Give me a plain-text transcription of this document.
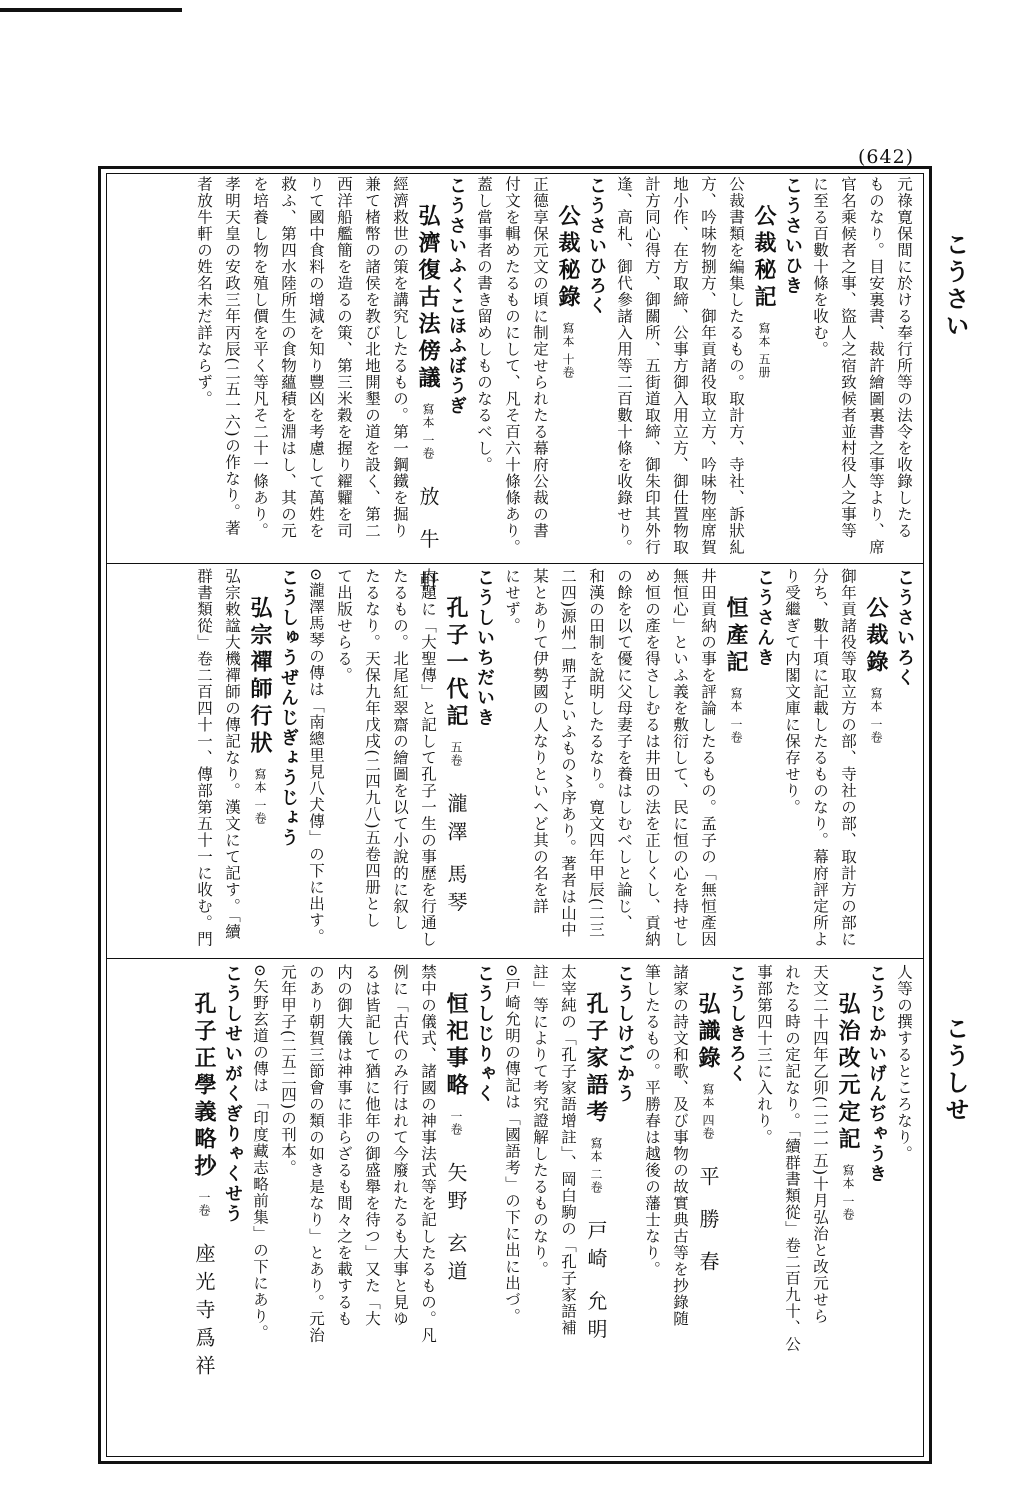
(642)
こうさい
こうしせ
元祿寛保間に於ける奉行所等の法令を收錄したる
ものなり。目安裏書、裁許繪圖裏書之事等より、席
官名乘候者之事、盜人之宿致候者並村役人之事等
に至る百數十條を收む。
こうさいひき
公裁秘記寫本 五册
公裁書類を編集したるもの。取計方、寺社、訴狀糺
方、吟味物捌方、御年貢諸役取立方、吟味物座席賀
地小作、在方取締、公事方御入用立方、御仕置物取
計方同心得方、御關所、五街道取締、御朱印其外行
逢、高札、御代參諸入用等二百數十條を收錄せり。
こうさいひろく
公裁秘錄寫本 十卷
正德享保元文の頃に制定せられたる幕府公裁の書
付文を輯めたるものにして、凡そ百六十條條あり。
蓋し當事者の書き留めしものなるべし。
こうさいふくこほふぼうぎ
弘濟復古法傍議寫本 一卷放 牛 軒
經濟救世の策を講究したるもの。第一鋼鐵を掘り
兼て楮幣の諸侯を教び北地開墾の道を設く、第二
西洋船艦簡を造るの策、第三米穀を握り糴糶を司
りて國中食料の增減を知り豐凶を考慮して萬姓を
救ふ、第四水陸所生の食物蘊積を淵はし、其の元
を培養し物を殖し價を平く等凡そ二十一條あり。
孝明天皇の安政三年丙辰(二五一六)の作なり。著
者放牛軒の姓名未だ詳ならず。
こうさいろく
公裁錄寫本 一卷
御年貢諸役等取立方の部、寺社の部、取計方の部に
分ち、數十項に記載したるものなり。幕府評定所よ
り受繼ぎて内閣文庫に保存せり。
こうさんき
恒產記寫本 一卷
井田貢納の事を評論したるもの。孟子の「無恒產因
無恒心」といふ義を敷衍して、民に恒の心を持せし
め恒の產を得さしむるは井田の法を正しくし、貢納
の餘を以て優に父母妻子を養はしむべしと論じ、
和漢の田制を說明したるなり。寛文四年甲辰(二三
二四)源州一鼎子といふもの〻序あり。著者は山中
某とありて伊勢國の人なりといへど其の名を詳
にせず。
こうしいちだいき
孔子一代記五卷瀧澤 馬琴
内題に「大聖傳」と記して孔子一生の事歷を行通し
たるもの。北尾紅翠齋の繪圖を以て小說的に叙し
たるなり。天保九年戊戌(二四九八)五卷四册とし
て出版せらる。
⊙瀧澤馬琴の傳は「南總里見八犬傳」の下に出す。
こうしゅうぜんじぎょうじょう
弘宗禪師行狀寫本 一卷
弘宗敕諡大機禪師の傳記なり。漢文にて記す。「續
群書類從」卷二百四十一、傳部第五十一に收む。門
人等の撰するところなり。
こうじかいげんぢゃうき
弘治改元定記寫本 一卷
天文二十四年乙卯(二二一五)十月弘治と改元せら
れたる時の定記なり。「續群書類從」卷二百九十、公
事部第四十三に入れり。
こうしきろく
弘識錄寫本 四卷平 勝 春
諸家の詩文和歌、及び事物の故實典古等を抄錄随
筆したるもの。平勝春は越後の藩士なり。
こうしけごかう
孔子家語考寫本 二卷戸崎 允明
太宰純の「孔子家語增註」、岡白駒の「孔子家語補
註」等によりて考究證解したるものなり。
⊙戸崎允明の傳記は「國語考」の下に出に出づ。
こうしじりゃく
恒祀事略一卷矢野 玄道
禁中の儀式、諸國の神事法式等を記したるもの。凡
例に「古代のみ行はれて今廢れたるも大事と見ゆ
るは皆記して猶に他年の御盛舉を待つ」又た「大
内の御大儀は神事に非らざるも間々之を載するも
のあり朝賀三節會の類の如き是なり」とあり。元治
元年甲子(二五二四)の刊本。
⊙矢野玄道の傳は「印度藏志略前集」の下にあり。
こうしせいがくぎりゃくせう
孔子正學義略抄一卷座光寺爲祥
